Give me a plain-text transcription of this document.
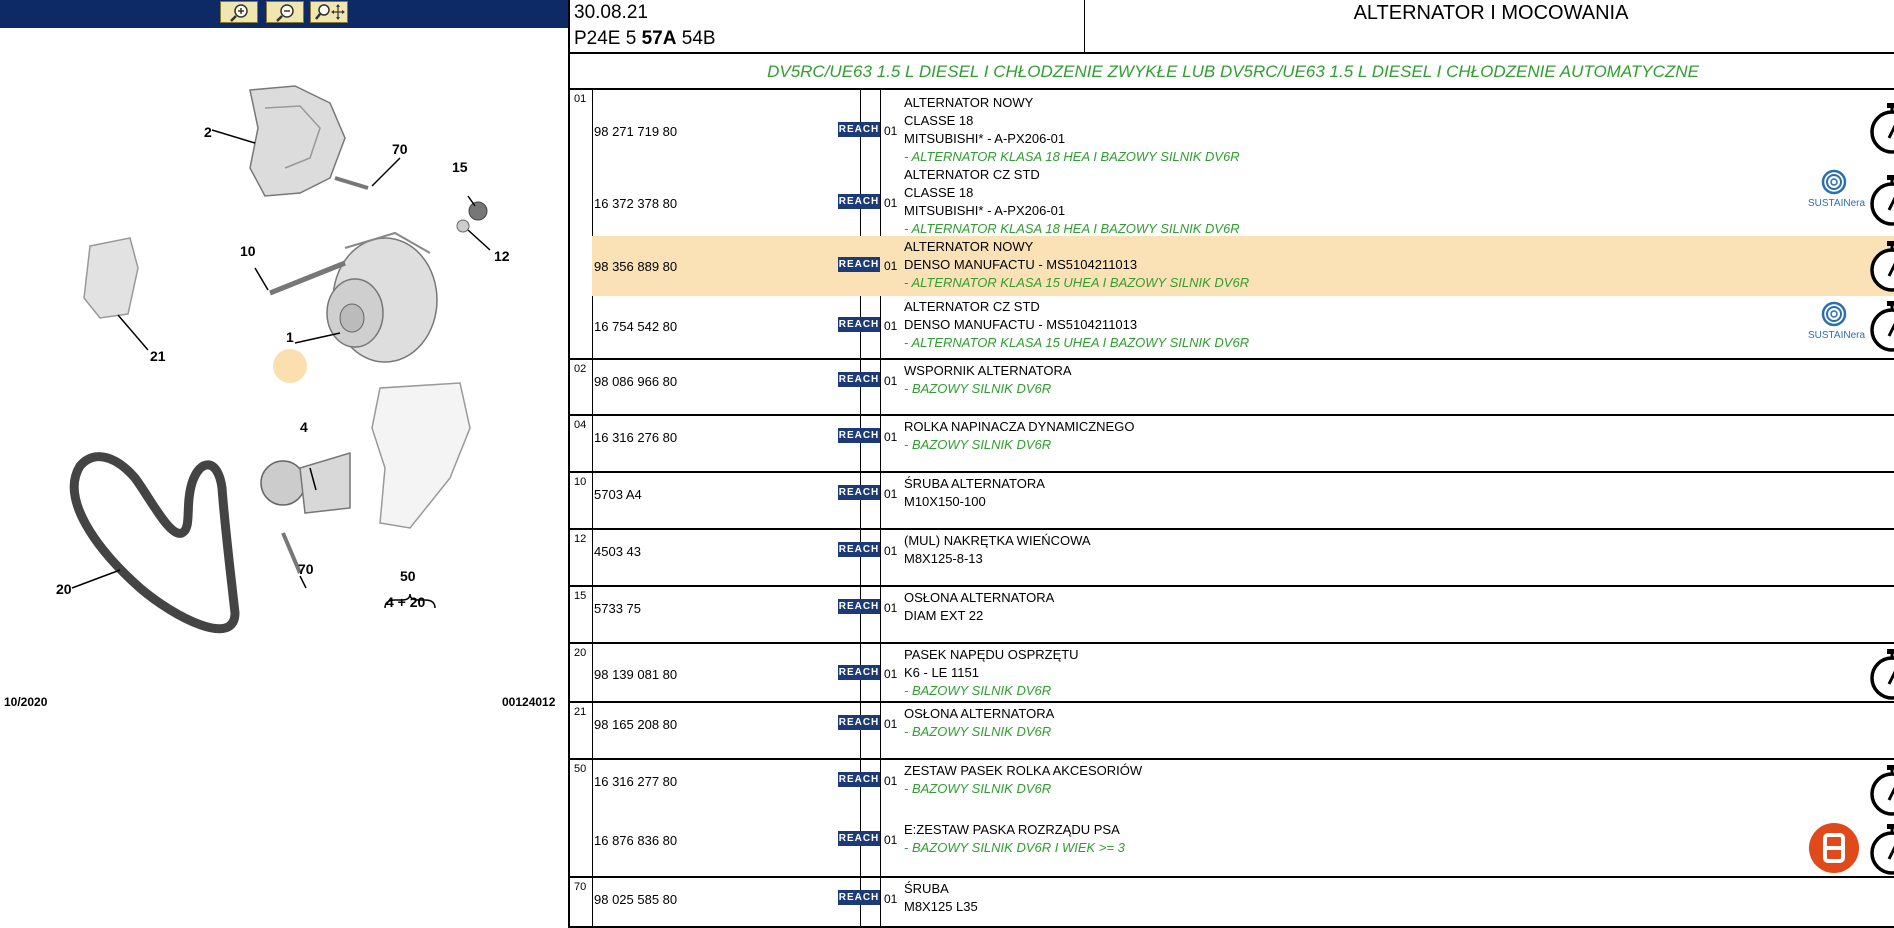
2
70
15
12
10
1
21
4
70
20
50
4 + 20
10/2020	00124012
30.08.21
P24E 5 57A 54B
ALTERNATOR I MOCOWANIA
DV5RC/UE63 1.5 L DIESEL I CHŁODZENIE ZWYKŁE LUB DV5RC/UE63 1.5 L DIESEL I CHŁODZENIE AUTOMATYCZNE
01
98 271 719 80	REACH 01
ALTERNATOR NOWY
CLASSE 18
MITSUBISHI* - A-PX206-01
- ALTERNATOR KLASA 18 HEA I BAZOWY SILNIK DV6R
16 372 378 80	REACH 01
ALTERNATOR CZ STD
CLASSE 18
MITSUBISHI* - A-PX206-01
- ALTERNATOR KLASA 18 HEA I BAZOWY SILNIK DV6R
SUSTAINera
98 356 889 80	REACH 01
ALTERNATOR NOWY
DENSO MANUFACTU - MS5104211013
- ALTERNATOR KLASA 15 UHEA I BAZOWY SILNIK DV6R
16 754 542 80	REACH 01
ALTERNATOR CZ STD
DENSO MANUFACTU - MS5104211013
- ALTERNATOR KLASA 15 UHEA I BAZOWY SILNIK DV6R	SUSTAINera
02
98 086 966 80	REACH 01
WSPORNIK ALTERNATORA
- BAZOWY SILNIK DV6R
04
16 316 276 80	REACH 01
ROLKA NAPINACZA DYNAMICZNEGO
- BAZOWY SILNIK DV6R
10
5703 A4	REACH 01
ŚRUBA ALTERNATORA
M10X150-100
12
4503 43	REACH 01
(MUL) NAKRĘTKA WIEŃCOWA
M8X125-8-13
15
5733 75	REACH 01
OSŁONA ALTERNATORA
DIAM EXT 22
20
98 139 081 80	REACH 01
PASEK NAPĘDU OSPRZĘTU
K6 - LE 1151
- BAZOWY SILNIK DV6R
21
98 165 208 80	REACH 01
OSŁONA ALTERNATORA
- BAZOWY SILNIK DV6R
50
16 316 277 80	REACH 01
ZESTAW PASEK ROLKA AKCESORIÓW
- BAZOWY SILNIK DV6R
16 876 836 80	REACH 01
E:ZESTAW PASKA ROZRZĄDU PSA
- BAZOWY SILNIK DV6R I WIEK >= 3
70
98 025 585 80	REACH 01
ŚRUBA
M8X125 L35
